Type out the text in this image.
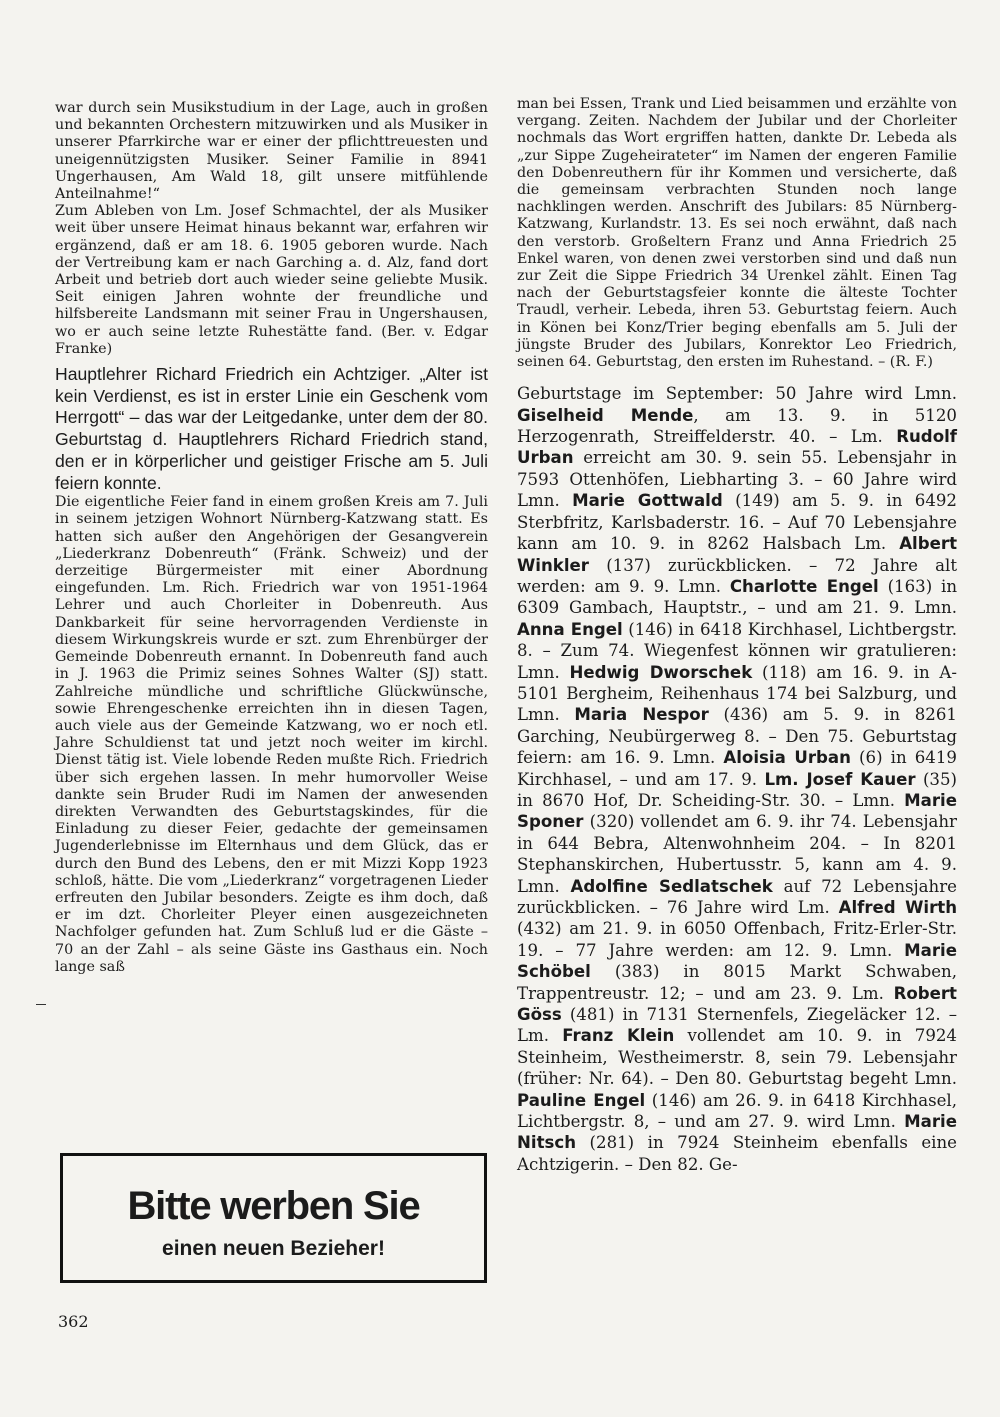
war durch sein Musikstudium in der Lage, auch in großen und bekannten Orchestern mitzuwirken und als Musiker in unserer Pfarrkirche war er einer der pflichttreuesten und uneigennützigsten Musiker. Seiner Familie in 8941 Ungerhausen, Am Wald 18, gilt unsere mitfühlende Anteilnahme!“

Zum Ableben von Lm. Josef Schmachtel, der als Musiker weit über unsere Heimat hinaus bekannt war, erfahren wir ergänzend, daß er am 18. 6. 1905 geboren wurde. Nach der Vertreibung kam er nach Garching a. d. Alz, fand dort Arbeit und betrieb dort auch wieder seine geliebte Musik. Seit einigen Jahren wohnte der freundliche und hilfsbereite Landsmann mit seiner Frau in Ungershausen, wo er auch seine letzte Ruhestätte fand. (Ber. v. Edgar Franke)

Hauptlehrer Richard Friedrich ein Achtziger. „Alter ist kein Verdienst, es ist in erster Linie ein Geschenk vom Herrgott“ – das war der Leitgedanke, unter dem der 80. Geburtstag d. Hauptlehrers Richard Friedrich stand, den er in körperlicher und geistiger Frische am 5. Juli feiern konnte.

Die eigentliche Feier fand in einem großen Kreis am 7. Juli in seinem jetzigen Wohnort Nürnberg-Katzwang statt. Es hatten sich außer den Angehörigen der Gesangverein „Liederkranz Dobenreuth“ (Fränk. Schweiz) und der derzeitige Bürgermeister mit einer Abordnung eingefunden. Lm. Rich. Friedrich war von 1951-1964 Lehrer und auch Chorleiter in Dobenreuth. Aus Dankbarkeit für seine hervorragenden Verdienste in diesem Wirkungskreis wurde er szt. zum Ehrenbürger der Gemeinde Dobenreuth ernannt. In Dobenreuth fand auch in J. 1963 die Primiz seines Sohnes Walter (SJ) statt. Zahlreiche mündliche und schriftliche Glückwünsche, sowie Ehrengeschenke erreichten ihn in diesen Tagen, auch viele aus der Gemeinde Katzwang, wo er noch etl. Jahre Schuldienst tat und jetzt noch weiter im kirchl. Dienst tätig ist. Viele lobende Reden mußte Rich. Friedrich über sich ergehen lassen. In mehr humorvoller Weise dankte sein Bruder Rudi im Namen der anwesenden direkten Verwandten des Geburtstagskindes, für die Einladung zu dieser Feier, gedachte der gemeinsamen Jugenderlebnisse im Elternhaus und dem Glück, das er durch den Bund des Lebens, den er mit Mizzi Kopp 1923 schloß, hätte. Die vom „Liederkranz“ vorgetragenen Lieder erfreuten den Jubilar besonders. Zeigte es ihm doch, daß er im dzt. Chorleiter Pleyer einen ausgezeichneten Nachfolger gefunden hat. Zum Schluß lud er die Gäste – 70 an der Zahl – als seine Gäste ins Gasthaus ein. Noch lange saß

man bei Essen, Trank und Lied beisammen und erzählte von vergang. Zeiten. Nachdem der Jubilar und der Chorleiter nochmals das Wort ergriffen hatten, dankte Dr. Lebeda als „zur Sippe Zugeheirateter“ im Namen der engeren Familie den Dobenreuthern für ihr Kommen und versicherte, daß die gemeinsam verbrachten Stunden noch lange nachklingen werden. Anschrift des Jubilars: 85 Nürnberg-Katzwang, Kurlandstr. 13. Es sei noch erwähnt, daß nach den verstorb. Großeltern Franz und Anna Friedrich 25 Enkel waren, von denen zwei verstorben sind und daß nun zur Zeit die Sippe Friedrich 34 Urenkel zählt. Einen Tag nach der Geburtstagsfeier konnte die älteste Tochter Traudl, verheir. Lebeda, ihren 53. Geburtstag feiern. Auch in Könen bei Konz/Trier beging ebenfalls am 5. Juli der jüngste Bruder des Jubilars, Konrektor Leo Friedrich, seinen 64. Geburtstag, den ersten im Ruhestand. – (R. F.)

Geburtstage im September: 50 Jahre wird Lmn. Giselheid Mende, am 13. 9. in 5120 Herzogenrath, Streiffelderstr. 40. – Lm. Rudolf Urban erreicht am 30. 9. sein 55. Lebensjahr in 7593 Ottenhöfen, Liebharting 3. – 60 Jahre wird Lmn. Marie Gottwald (149) am 5. 9. in 6492 Sterbfritz, Karlsbaderstr. 16. – Auf 70 Lebensjahre kann am 10. 9. in 8262 Halsbach Lm. Albert Winkler (137) zurückblicken. – 72 Jahre alt werden: am 9. 9. Lmn. Charlotte Engel (163) in 6309 Gambach, Hauptstr., – und am 21. 9. Lmn. Anna Engel (146) in 6418 Kirchhasel, Lichtbergstr. 8. – Zum 74. Wiegenfest können wir gratulieren: Lmn. Hedwig Dworschek (118) am 16. 9. in A-5101 Bergheim, Reihenhaus 174 bei Salzburg, und Lmn. Maria Nespor (436) am 5. 9. in 8261 Garching, Neubürgerweg 8. – Den 75. Geburtstag feiern: am 16. 9. Lmn. Aloisia Urban (6) in 6419 Kirchhasel, – und am 17. 9. Lm. Josef Kauer (35) in 8670 Hof, Dr. Scheiding-Str. 30. – Lmn. Marie Sponer (320) vollendet am 6. 9. ihr 74. Lebensjahr in 644 Bebra, Altenwohnheim 204. – In 8201 Stephanskirchen, Hubertusstr. 5, kann am 4. 9. Lmn. Adolfine Sedlatschek auf 72 Lebensjahre zurückblicken. – 76 Jahre wird Lm. Alfred Wirth (432) am 21. 9. in 6050 Offenbach, Fritz-Erler-Str. 19. – 77 Jahre werden: am 12. 9. Lmn. Marie Schöbel (383) in 8015 Markt Schwaben, Trappentreustr. 12; – und am 23. 9. Lm. Robert Göss (481) in 7131 Sternenfels, Ziegeläcker 12. – Lm. Franz Klein vollendet am 10. 9. in 7924 Steinheim, Westheimerstr. 8, sein 79. Lebensjahr (früher: Nr. 64). – Den 80. Geburtstag begeht Lmn. Pauline Engel (146) am 26. 9. in 6418 Kirchhasel, Lichtbergstr. 8, – und am 27. 9. wird Lmn. Marie Nitsch (281) in 7924 Steinheim ebenfalls eine Achtzigerin. – Den 82. Ge-

Bitte werben Sie
einen neuen Bezieher!
362
